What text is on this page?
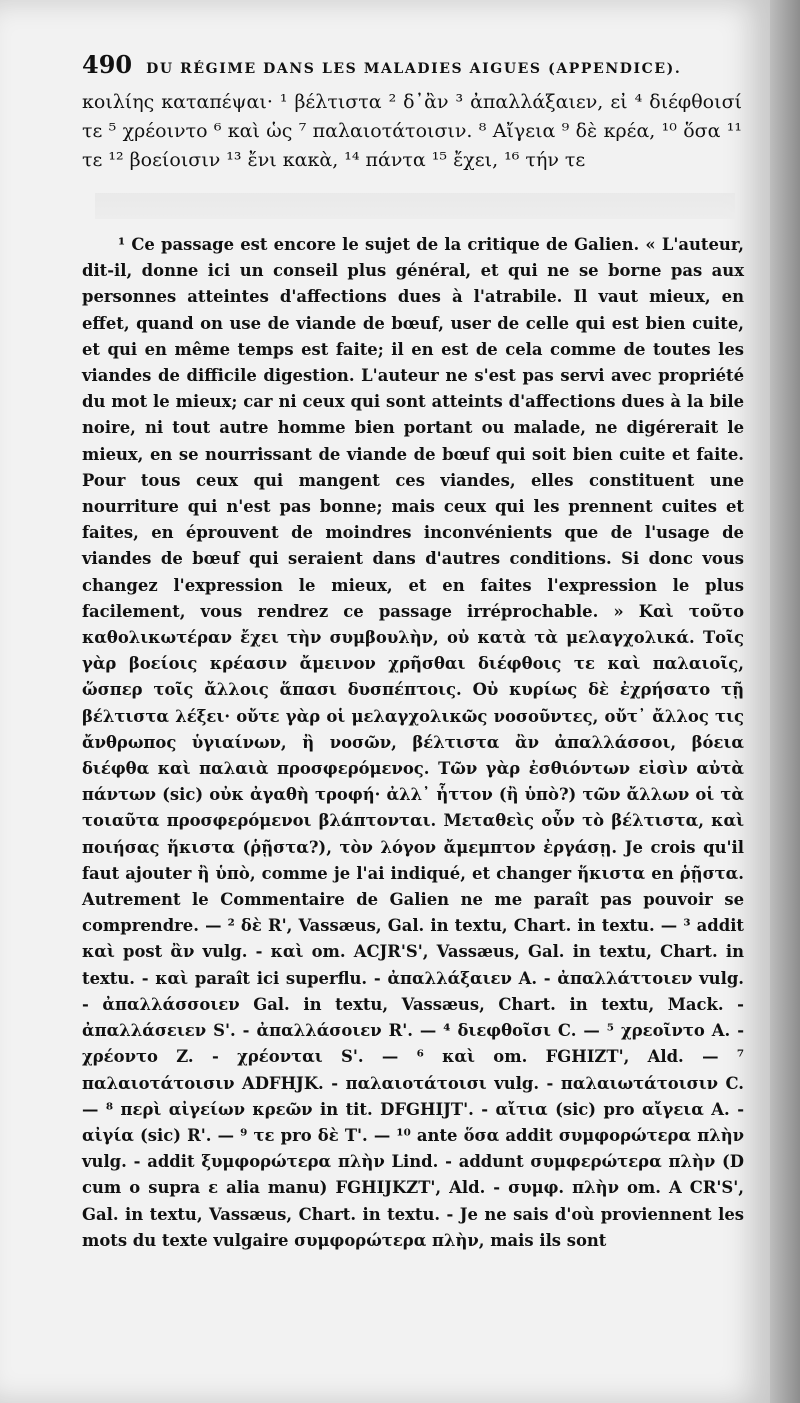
490 DU RÉGIME DANS LES MALADIES AIGUES (APPENDICE).
κοιλίης καταπέψαι· ¹ βέλτιστα ² δ᾽ἂν ³ ἀπαλλάξαιεν, εἰ ⁴ διέφθοισί τε ⁵ χρέοιντο ⁶ καὶ ὡς ⁷ παλαιοτάτοισιν. ⁸ Αἴγεια ⁹ δὲ κρέα, ¹⁰ ὅσα ¹¹ τε ¹² βοείοισιν ¹³ ἔνι κακὰ, ¹⁴ πάντα ¹⁵ ἔχει, ¹⁶ τήν τε

¹ Ce passage est encore le sujet de la critique de Galien. « L'auteur, dit-il, donne ici un conseil plus général, et qui ne se borne pas aux personnes atteintes d'affections dues à l'atrabile. Il vaut mieux, en effet, quand on use de viande de bœuf, user de celle qui est bien cuite, et qui en même temps est faite; il en est de cela comme de toutes les viandes de difficile digestion. L'auteur ne s'est pas servi avec propriété du mot le mieux; car ni ceux qui sont atteints d'affections dues à la bile noire, ni tout autre homme bien portant ou malade, ne digérerait le mieux, en se nourrissant de viande de bœuf qui soit bien cuite et faite. Pour tous ceux qui mangent ces viandes, elles constituent une nourriture qui n'est pas bonne; mais ceux qui les prennent cuites et faites, en éprouvent de moindres inconvénients que de l'usage de viandes de bœuf qui seraient dans d'autres conditions. Si donc vous changez l'expression le mieux, et en faites l'expression le plus facilement, vous rendrez ce passage irréprochable. » Καὶ τοῦτο καθολικωτέραν ἔχει τὴν συμβουλὴν, οὐ κατὰ τὰ μελαγχολικά. Τοῖς γὰρ βοείοις κρέασιν ἄμεινον χρῆσθαι διέφθοις τε καὶ παλαιοῖς, ὥσπερ τοῖς ἄλλοις ἅπασι δυσπέπτοις. Οὐ κυρίως δὲ ἐχρήσατο τῇ βέλτιστα λέξει· οὔτε γὰρ οἱ μελαγχολικῶς νοσοῦντες, οὔτ᾽ ἄλλος τις ἄνθρωπος ὑγιαίνων, ἢ νοσῶν, βέλτιστα ἂν ἀπαλλάσσοι, βόεια διέφθα καὶ παλαιὰ προσφερόμενος. Τῶν γὰρ ἐσθιόντων εἰσὶν αὐτὰ πάντων (sic) οὐκ ἀγαθὴ τροφή· ἀλλ᾽ ἧττον (ἢ ὑπὸ?) τῶν ἄλλων οἱ τὰ τοιαῦτα προσφερόμενοι βλάπτονται. Μεταθεὶς οὖν τὸ βέλτιστα, καὶ ποιήσας ἥκιστα (ῥῇστα?), τὸν λόγον ἄμεμπτον ἐργάσῃ. Je crois qu'il faut ajouter ἢ ὑπὸ, comme je l'ai indiqué, et changer ἥκιστα en ῥῇστα. Autrement le Commentaire de Galien ne me paraît pas pouvoir se comprendre. — ² δὲ R', Vassæus, Gal. in textu, Chart. in textu. — ³ addit καὶ post ἂν vulg. - καὶ om. ACJR'S', Vassæus, Gal. in textu, Chart. in textu. - καὶ paraît ici superflu. - ἀπαλλάξαιεν A. - ἀπαλλάττοιεν vulg. - ἀπαλλάσσοιεν Gal. in textu, Vassæus, Chart. in textu, Mack. - ἀπαλλάσειεν S'. - ἀπαλλάσοιεν R'. — ⁴ διεφθοῖσι C. — ⁵ χρεοῖντο A. - χρέοντο Z. - χρέονται S'. — ⁶ καὶ om. FGHIZT', Ald. — ⁷ παλαιοτάτοισιν ADFHJK. - παλαιοτάτοισι vulg. - παλαιωτάτοισιν C. — ⁸ περὶ αἰγείων κρεῶν in tit. DFGHIJT'. - αἴτια (sic) pro αἴγεια A. - αἰγία (sic) R'. — ⁹ τε pro δὲ T'. — ¹⁰ ante ὅσα addit συμφορώτερα πλὴν vulg. - addit ξυμφορώτερα πλὴν Lind. - addunt συμφερώτερα πλὴν (D cum ο supra ε alia manu) FGHIJKZT', Ald. - συμφ. πλὴν om. A CR'S', Gal. in textu, Vassæus, Chart. in textu. - Je ne sais d'où proviennent les mots du texte vulgaire συμφορώτερα πλὴν, mais ils sont
